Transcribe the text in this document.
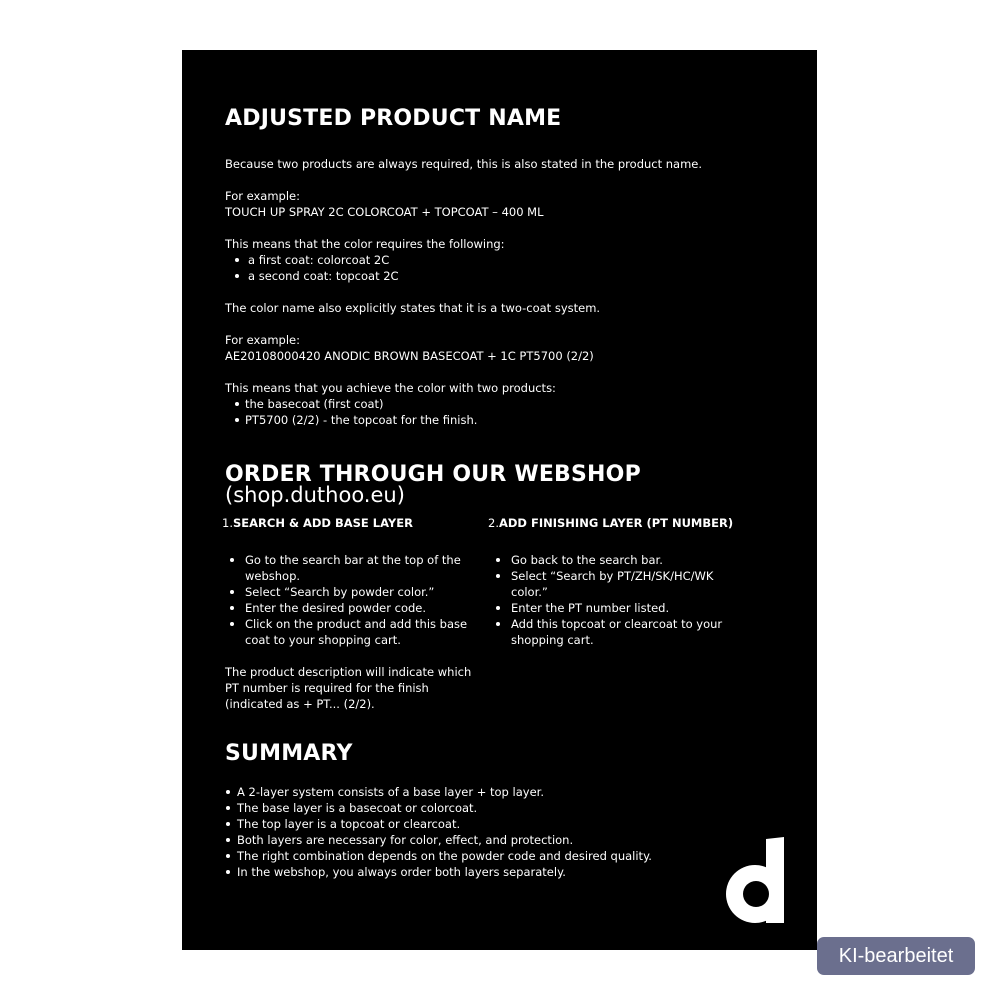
ADJUSTED PRODUCT NAME
Because two products are always required, this is also stated in the product name.
For example:
TOUCH UP SPRAY 2C COLORCOAT + TOPCOAT – 400 ML
This means that the color requires the following:
a first coat: colorcoat 2C
a second coat: topcoat 2C
The color name also explicitly states that it is a two-coat system.
For example:
AE20108000420 ANODIC BROWN BASECOAT + 1C PT5700 (2/2)
This means that you achieve the color with two products:
the basecoat (first coat)
PT5700 (2/2) - the topcoat for the finish.
ORDER THROUGH OUR WEBSHOP
(shop.duthoo.eu)
1.SEARCH & ADD BASE LAYER	2.ADD FINISHING LAYER (PT NUMBER)
Go to the search bar at the top of the
webshop.
Select “Search by powder color.”
Enter the desired powder code.
Click on the product and add this base
coat to your shopping cart.
The product description will indicate which
PT number is required for the finish
(indicated as + PT... (2/2).
Go back to the search bar.
Select “Search by PT/ZH/SK/HC/WK
color.”
Enter the PT number listed.
Add this topcoat or clearcoat to your
shopping cart.
SUMMARY
A 2-layer system consists of a base layer + top layer.
The base layer is a basecoat or colorcoat.
The top layer is a topcoat or clearcoat.
Both layers are necessary for color, effect, and protection.
The right combination depends on the powder code and desired quality.
In the webshop, you always order both layers separately.
KI-bearbeitet
